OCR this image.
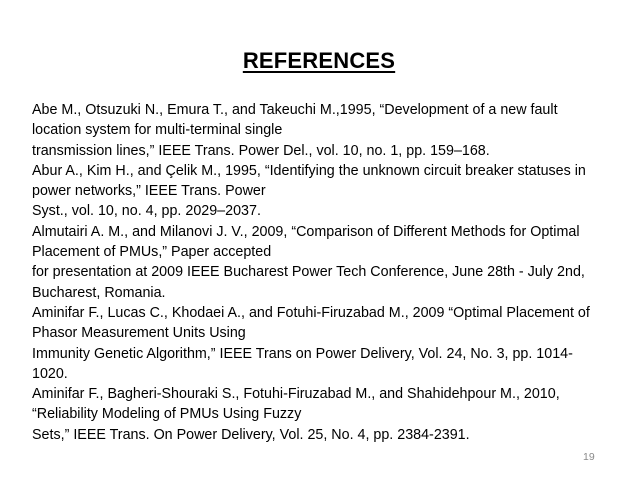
REFERENCES
Abe M., Otsuzuki N., Emura T., and Takeuchi M.,1995, “Development of a new fault
location system for multi-terminal single
transmission lines,” IEEE Trans. Power Del., vol. 10, no. 1, pp. 159–168.
Abur A., Kim H., and Çelik M., 1995, “Identifying the unknown circuit breaker statuses in
power networks,” IEEE Trans. Power
Syst., vol. 10, no. 4, pp. 2029–2037.
Almutairi A. M., and Milanovi J. V., 2009, “Comparison of Different Methods for Optimal
Placement of PMUs,” Paper accepted
for presentation at 2009 IEEE Bucharest Power Tech Conference, June 28th - July 2nd,
Bucharest, Romania.
Aminifar F., Lucas C., Khodaei A., and Fotuhi-Firuzabad M., 2009 “Optimal Placement of
Phasor Measurement Units Using
Immunity Genetic Algorithm,” IEEE Trans on Power Delivery, Vol. 24, No. 3, pp. 1014-
1020.
Aminifar F., Bagheri-Shouraki S., Fotuhi-Firuzabad M., and Shahidehpour M., 2010,
“Reliability Modeling of PMUs Using Fuzzy
Sets,” IEEE Trans. On Power Delivery, Vol. 25, No. 4, pp. 2384-2391.
19
